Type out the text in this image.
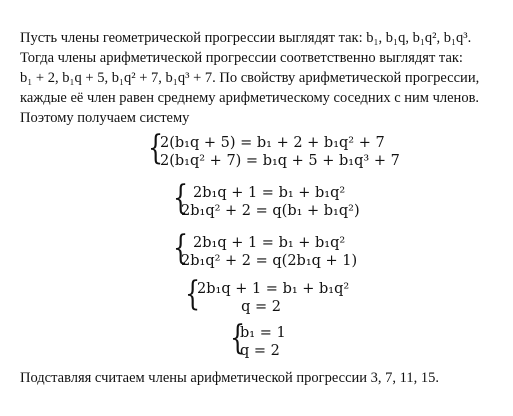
Пусть члены геометрической прогрессии выглядят так: b₁, b₁q, b₁q², b₁q³.
Тогда члены арифметической прогрессии соответственно выглядят так:
b₁ + 2, b₁q + 5, b₁q² + 7, b₁q³ + 7. По свойству арифметической прогрессии,
каждые её член равен среднему арифметическому соседних с ним членов.
Поэтому получаем систему
{
2(b₁q + 5) = b₁ + 2 + b₁q² + 7
2(b₁q² + 7) = b₁q + 5 + b₁q³ + 7
{ 2b₁q + 1 = b₁ + b₁q²
2b₁q² + 2 = q(b₁ + b₁q²)
{ 2b₁q + 1 = b₁ + b₁q²
2b₁q² + 2 = q(2b₁q + 1)
{
2b₁q + 1 = b₁ + b₁q²
q = 2
{
b₁ = 1
q = 2
Подставляя считаем члены арифметической прогрессии 3, 7, 11, 15.
